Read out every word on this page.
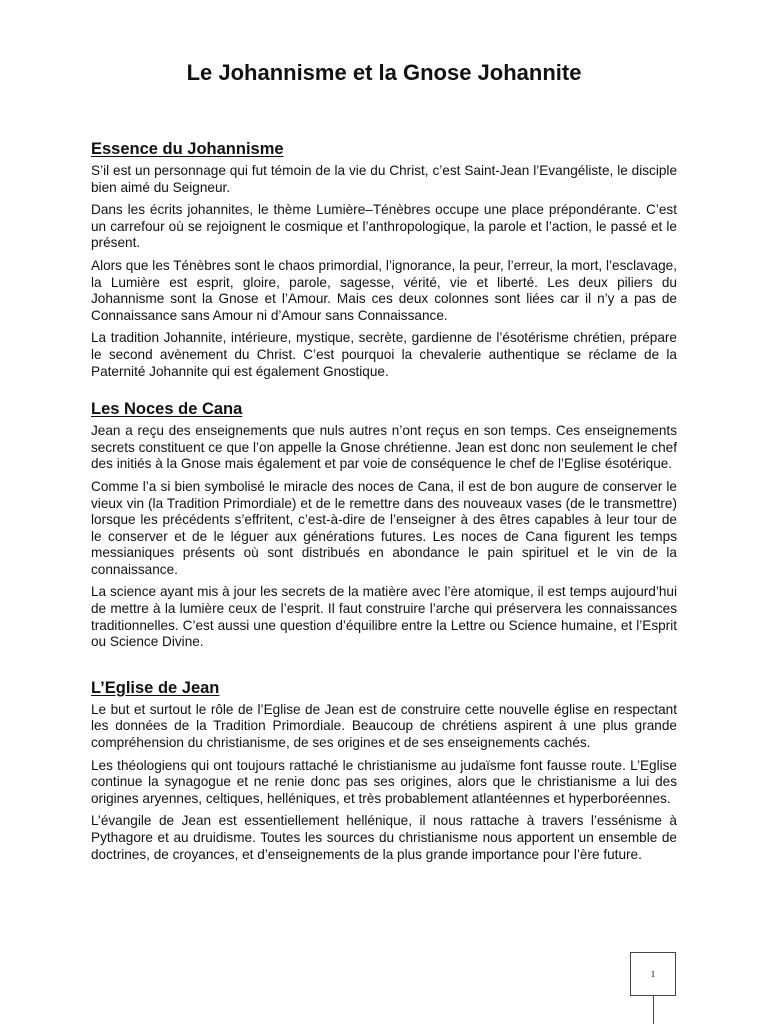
Le Johannisme et la Gnose Johannite
Essence du Johannisme

S’il est un personnage qui fut témoin de la vie du Christ, c’est Saint-Jean l’Evangéliste, le disciple bien aimé du Seigneur.

Dans les écrits johannites, le thème Lumière–Ténèbres occupe une place prépondérante. C’est un carrefour où se rejoignent le cosmique et l’anthropologique, la parole et l’action, le passé et le présent.

Alors que les Ténèbres sont le chaos primordial, l’ignorance, la peur, l’erreur, la mort, l’esclavage, la Lumière est esprit, gloire, parole, sagesse, vérité, vie et liberté. Les deux piliers du Johannisme sont la Gnose et l’Amour. Mais ces deux colonnes sont liées car il n’y a pas de Connaissance sans Amour ni d’Amour sans Connaissance.

La tradition Johannite, intérieure, mystique, secrète, gardienne de l’ésotérisme chrétien, prépare le second avènement du Christ. C’est pourquoi la chevalerie authentique se réclame de la Paternité Johannite qui est également Gnostique.

Les Noces de Cana

Jean a reçu des enseignements que nuls autres n’ont reçus en son temps. Ces enseignements secrets constituent ce que l’on appelle la Gnose chrétienne. Jean est donc non seulement le chef des initiés à la Gnose mais également et par voie de conséquence le chef de l’Eglise ésotérique.

Comme l’a si bien symbolisé le miracle des noces de Cana, il est de bon augure de conserver le vieux vin (la Tradition Primordiale) et de le remettre dans des nouveaux vases (de le transmettre) lorsque les précédents s’effritent, c’est-à-dire de l’enseigner à des êtres capables à leur tour de le conserver et de le léguer aux générations futures. Les noces de Cana figurent les temps messianiques présents où sont distribués en abondance le pain spirituel et le vin de la connaissance.

La science ayant mis à jour les secrets de la matière avec l’ère atomique, il est temps aujourd’hui de mettre à la lumière ceux de l’esprit. Il faut construire l’arche qui préservera les connaissances traditionnelles. C’est aussi une question d’équilibre entre la Lettre ou Science humaine, et l’Esprit ou Science Divine.

L’Eglise de Jean

Le but et surtout le rôle de l’Eglise de Jean est de construire cette nouvelle église en respectant les données de la Tradition Primordiale. Beaucoup de chrétiens aspirent à une plus grande compréhension du christianisme, de ses origines et de ses enseignements cachés.

Les théologiens qui ont toujours rattaché le christianisme au judaïsme font fausse route. L’Eglise continue la synagogue et ne renie donc pas ses origines, alors que le christianisme a lui des origines aryennes, celtiques, helléniques, et très probablement atlantéennes et hyperboréennes.

L’évangile de Jean est essentiellement hellénique, il nous rattache à travers l’essénisme à Pythagore et au druidisme. Toutes les sources du christianisme nous apportent un ensemble de doctrines, de croyances, et d’enseignements de la plus grande importance pour l’ère future.

1
